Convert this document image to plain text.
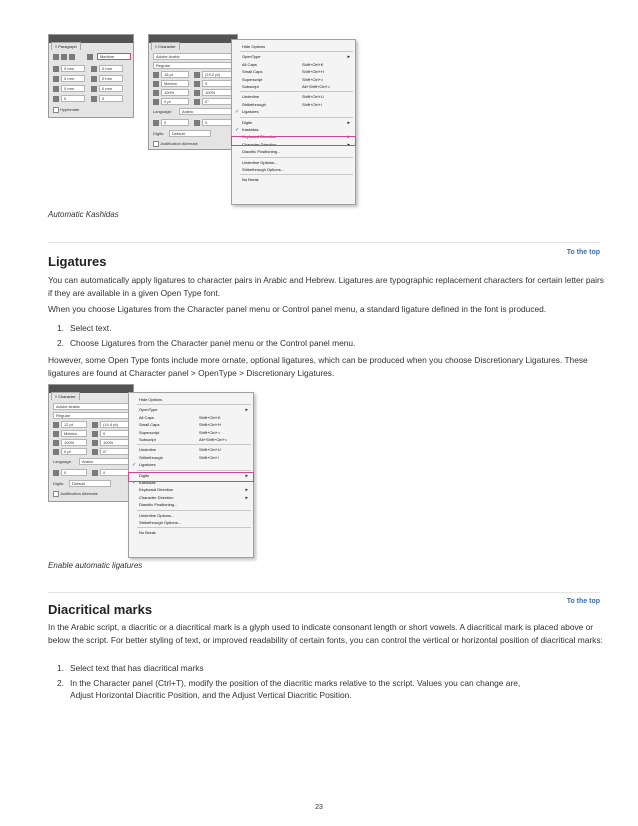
◊ Paragraph
Medium
0 mm	0 mm
0 mm	0 mm
0 mm	0 mm
0	0
Hyphenate
◊ Character
Adobe Arabic
Regular
16 pt	(19.2 pt)
Metrics	0
100%	100%
0 pt	0°
Language:	Arabic
0	0
Digits:	Default
Justification Alternate
Hide Options
OpenType	▸
All Caps	Shift+Ctrl+K
Small Caps	Shift+Ctrl+H
Superscript	Shift+Ctrl+=
Subscript	Alt+Shift+Ctrl+=
Underline	Shift+Ctrl+U
Strikethrough	Shift+Ctrl+/
✓ Ligatures
Digits	▸
✓ Kashidas
Keyboard Direction	▸
Character Direction	▸
Diacritic Positioning...
Underline Options...
Strikethrough Options...
No Break
Automatic Kashidas
To the top
Ligatures
You can automatically apply ligatures to character pairs in Arabic and Hebrew. Ligatures are typographic replacement characters for certain letter pairs if they are available in a given Open Type font.
When you choose Ligatures from the Character panel menu or Control panel menu, a standard ligature defined in the font is produced.
1. Select text.
2. Choose Ligatures from the Character panel menu or the Control panel menu.
However, some Open Type fonts include more ornate, optional ligatures, which can be produced when you choose Discretionary Ligatures. These ligatures are found at Character panel > OpenType > Discretionary Ligatures.
◊ Character
Adobe Arabic
Regular
12 pt	(14.4 pt)
Metrics	0
100%	100%
0 pt	0°
Language:	Arabic
0	0
Digits:	Default
Justification Alternate
Hide Options
OpenType	▸
All Caps	Shift+Ctrl+K
Small Caps	Shift+Ctrl+H
Superscript	Shift+Ctrl+=
Subscript	Alt+Shift+Ctrl+=
Underline	Shift+Ctrl+U
Strikethrough	Shift+Ctrl+/
✓ Ligatures
Digits	▸
✓ Kashidas
Keyboard Direction	▸
Character Direction	▸
Diacritic Positioning...
Underline Options...
Strikethrough Options...
No Break
Enable automatic ligatures
To the top
Diacritical marks
In the Arabic script, a diacritic or a diacritical mark is a glyph used to indicate consonant length or short vowels. A diacritical mark is placed above or below the script. For better styling of text, or improved readability of certain fonts, you can control the vertical or horizontal position of diacritical marks:
1. Select text that has diacritical marks
2. In the Character panel (Ctrl+T), modify the position of the diacritic marks relative to the script. Values you can change are,
Adjust Horizontal Diacritic Position, and the Adjust Vertical Diacritic Position.
23
